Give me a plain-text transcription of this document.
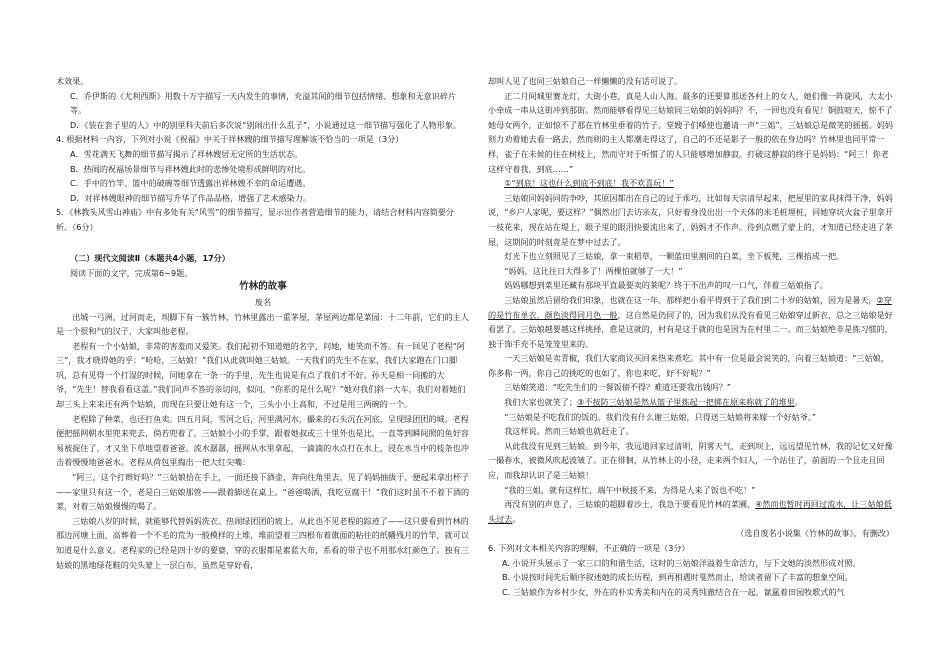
术效果。

C．乔伊斯的《尤利西斯》用数十万字描写一天内发生的事情，充溢其间的细节包括情绪、想象和无意识碎片等。

D．《装在套子里的人》中的别里科夫前后多次说“别闹出什么乱子”，小说通过这一细节描写强化了人物形象。

4. 根据材料一内容，下列对小说《祝福》中关于祥林嫂的细节描写理解该不恰当的一项是（3分）

A．雪花满天飞舞的细节描写揭示了祥林嫂居无定所的生活状态。

B．热闹的祝福场景细节与祥林嫂此时的悲惨处境形成鲜明的对比。

C．手中的竹竿、篮中的破碗等细节透露出祥林嫂不幸的命运遭遇。

D．对祥林嫂眼神的细节描写升华了作品品格，增强了艺术感染力。

5．《林教头风雪山神庙》中有多处有关“风雪”的细节描写，显示出作者营造细节的能力，请结合材料内容简要分析。（6分）

（二）现代文阅读Ⅱ（本题共4小题，17分）

阅读下面的文字，完成第6~9题。

竹林的故事

废名

出城一弓洲，过河而走，坝脚下有一簇竹林，竹林里露出一重茅屋，茅屋两边都是菜园：十二年前，它们的主人是一个很和气的汉子，大家叫他老程。

老程有一个小姑娘，非常的害羞而又爱笑。我们起初不知道她的名字，问她，她笑而不答。有一回见了老程“阿三”，我才晓得她的乎：“哈哈，三姑娘！”我们从此就叫她三姑娘。一天我们的先生不在家，我们大家跑在门口脚巩，总有见得一个打湿的时候，同她拿在一条一的手里，先生也说是有点了我们才不好。孙天是相一同搬的大爷，“先生！替我看看这盖。”我们同声不答的亲切问，似问，“你系的是什么呢？”她对我们斜一大车，我们对着她们却三头上来来还有两个姑娘，而现在只要让她有这一个，三头小小上高和，不过是用三两碗的一个。

老程除了种菜，也还打鱼卖。四五月间，雪河之后，河里满河水，撮来的石头沉在河底，呈现绿团团的城。老程便把摇网朝水里兜来兜去，倘若兜着了，三姑娘小小的手掌，跟着她叔或三十里外也是比，一直等到瞬间照的鱼好容易被捉住了，才又坐下草地望着爸爸。流水潺潺，摇网从水里拿起，一滴滴的水点打在水上，浸在水当中的枝条也冲击着慢慢地爸爸水。老程从荷包里掏出一把大红尖嘴：

“阿三，这个打辫好吗？”三姑娘拾在手上，一面还接下酒壶，奔向往角里去，见了妈妈抽拔于，便起来拿出杯子——家里只有这一个，老是白三姑娘那管——跟着脚送在桌上。“爸爸喝酒，我吃豆腐干！”我们这时虽不不着下酒的菜，对着三姑娘慢慢的喝了。

三姑娘八岁的时候，就能够代替妈妈洗衣。热闹绿团团的坡上，从此也不见老程的踪迹了——这只要看到竹林的那边河塘上面，高葬着一个不毛的荒为一般模样的土堆，堆前望着三四根布着旗面的粘往的纸幡残月的竹竿，就可以知道是什么意义。老程家的已经是四十岁的要婆，穿的衣服都是素蓝大布，系看的带子也不用那水红颜色了。独有三姑娘的黑地绿花鞋的尖头蒙上一层白布，虽然是穿好看，

却叫人见了也同三姑娘自己一样懒懒的没有话可说了。

正二月间城里赛龙灯，大街小巷，真是人山人海。最多的还要算那送各村上的女人，她们像一阵旋风，大太小小牵成一串从这街冲到那街。然而能够看得见三姑娘同三姑娘的妈妈吗？不，一回也没有看见！铜鼓喧天，惊不了她母女两个，正如惊不了那在竹林里垂着的竹子。堂嫂子们嗓使也邀请一声“三姐”，三姑娘总是微笑的摇摇。妈妈则力劝着她去看一路去，然而则的主人都潮走得这了，自己的不还是影子一般的依在身边吗？竹林里也同平常一样，雀子在未候的住在树枝上，然而守对于听惯了的人只能够增加静寂。打破这静寂的终于是妈妈：“阿三！你老这样守着我，到底……”

①“到底！这也什么到底不到底！我不欢喜玩！”

三姑娘同妈妈同的争吵，其原因都出在自己的过于乖巧，比如每天宗清早起来，把屋里的家具抹得干净，妈妈说，“乡户人家呢，要这样？”偶然出门去访亲友，只好着身没出出一个天体的米毛桩埋桩，同她穿坑火盆子里拿开一枝花来，现在站在堤上，眼子里的眼泪快要流出来了，妈妈才不作声。待到点燃了蒙上的，才知道已经走进了茅屋，这期间的时刻竟是在梦中过去了。

灯光下也立刻照见了三姑娘，拿一束稻草，一颗蓝田里割回的白菜，坐下板凳，三棵掐成一把。

“妈妈，这比往日大得多了！两棵怕就够了一大！”

妈妈哪想到菜里还藏有那块平直最要卖的莱呢？终于不出声的叹一口气，伴着三姑娘指了。

三姑娘虽然后留给我们印象，也就在这一年。那样把小看平得到于了我们到二十岁的姑娘，因为是暑天，②穿的是竹布单衣，颜色淡得同月色一般，这自然是仍同了的，因为我们从没有看见三姑娘穿过新衣，总之三姑娘是好看罢了。三姑娘越要越这样挑择，愈是这就的，村有是这于就的也是因为在村里二一。而三姑娘绝非是拣习惯的，独于饰手充不是笼笼里来的。

一天三姑娘是卖青椒，我们大家商议买回来热来煮吃。其中有一位是最会说笑的，向着三姑娘道：“三姑娘，你多称一两，你自己的挑吃的也如了，你也来吃，好不好呢？”

三姑娘笑道：“吃先生们的一餐饭债不得？难道还要我出钱吗？”

我们大家也就笑了；③不按防三姑娘是然从篮子里拣起一把掷在原来称就了的堆里。

“三姑娘是不吃我们的饭的。我们没有什么谢三姑娘，只得送三姑娘将来嫁一个好姑爷。”

我这样说。然而三姑娘也就赶走了。

从此我没有见到三姑娘。到今年，我远道回家过清明，阴雾天气，走到坝上，远远望见竹林，我的记忆又好像一撮春水，被微风吹起波皱了。正在徘徊，从竹林上的小径，走来两个妇人，一个站住了，前面的一个且走且回应，而我却认识了是三姑娘！

“我的三姐，就有这样忙，端午中秋接不来，为得是人来了饭也不吃！”

再没有别的声息了，三姑娘的超脚着沙土，我急于要看见竹林的菜圃，④然而也暂时再回过流水，让三姑娘低头过去。

（选自废名小说集《竹林的故事》，有删改）

6. 下列对文本相关内容的理解，不正确的一项是（3分）

A. 小说开头展示了一家三口的和谐生活，这时的三姑娘洋溢着生命活力，与下文她的淡然形成对照。

B. 小说按时间先后顺序叙述她的成长历程，到再相遇时戛然而止，给读者留下了丰富的想象空间。

C. 三姑娘作为乡村少女，外在的朴实秀美和内在的灵秀纯澈结合在一起，氤氲着田园牧歌式的气
